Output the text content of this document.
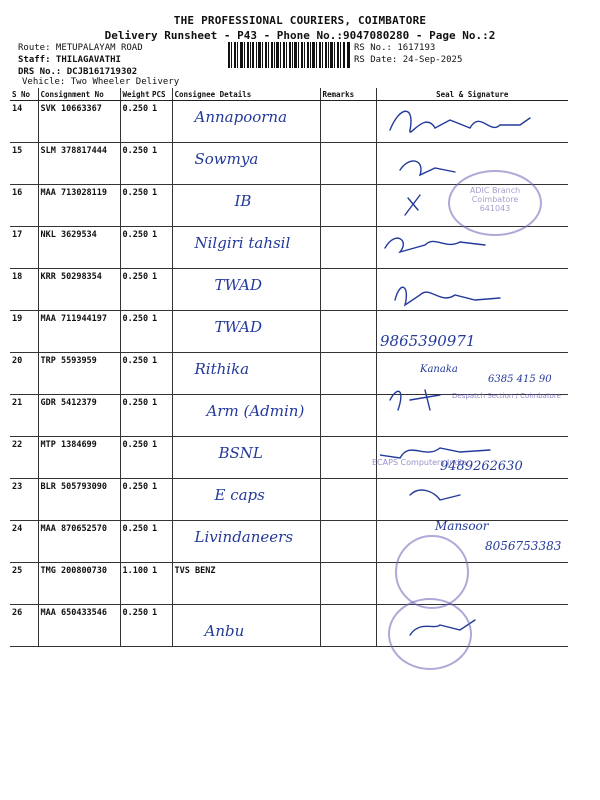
THE PROFESSIONAL COURIERS, COIMBATORE
Delivery Runsheet - P43 - Phone No.:9047080280 - Page No.:2
Route: METUPALAYAM ROAD
Staff: THILAGAVATHI
DRS No.: DCJB161719302
Vehicle: Two Wheeler Delivery
RS No.: 1617193
RS Date: 24-Sep-2025
S No	Consignment No	Weight	PCS	Consignee Details	Remarks	Seal & Signature
14	SVK 10663367	0.250	1	Annapoorna		

15	SLM 378817444	0.250	1	Sowmya		

16	MAA 713028119	0.250	1	IB		

17	NKL 3629534	0.250	1	Nilgiri tahsil		

18	KRR 50298354	0.250	1	TWAD		

19	MAA 711944197	0.250	1	TWAD		

20	TRP 5593959	0.250	1	Rithika		

21	GDR 5412379	0.250	1	Arm (Admin)		

22	MTP 1384699	0.250	1	BSNL		

23	BLR 505793090	0.250	1	E caps		

24	MAA 870652570	0.250	1	Livindaneers		

25	TMG 200800730	1.100	1	TVS BENZ

26	MAA 650433546	0.250	1	Anbu		

9865390971
Kanaka
6385 415 90
9489262630
Mansoor
8056753383
ADIC Branch Coimbatore 641043
Despatch Section / Coimbatore
ECAPS Computers India
